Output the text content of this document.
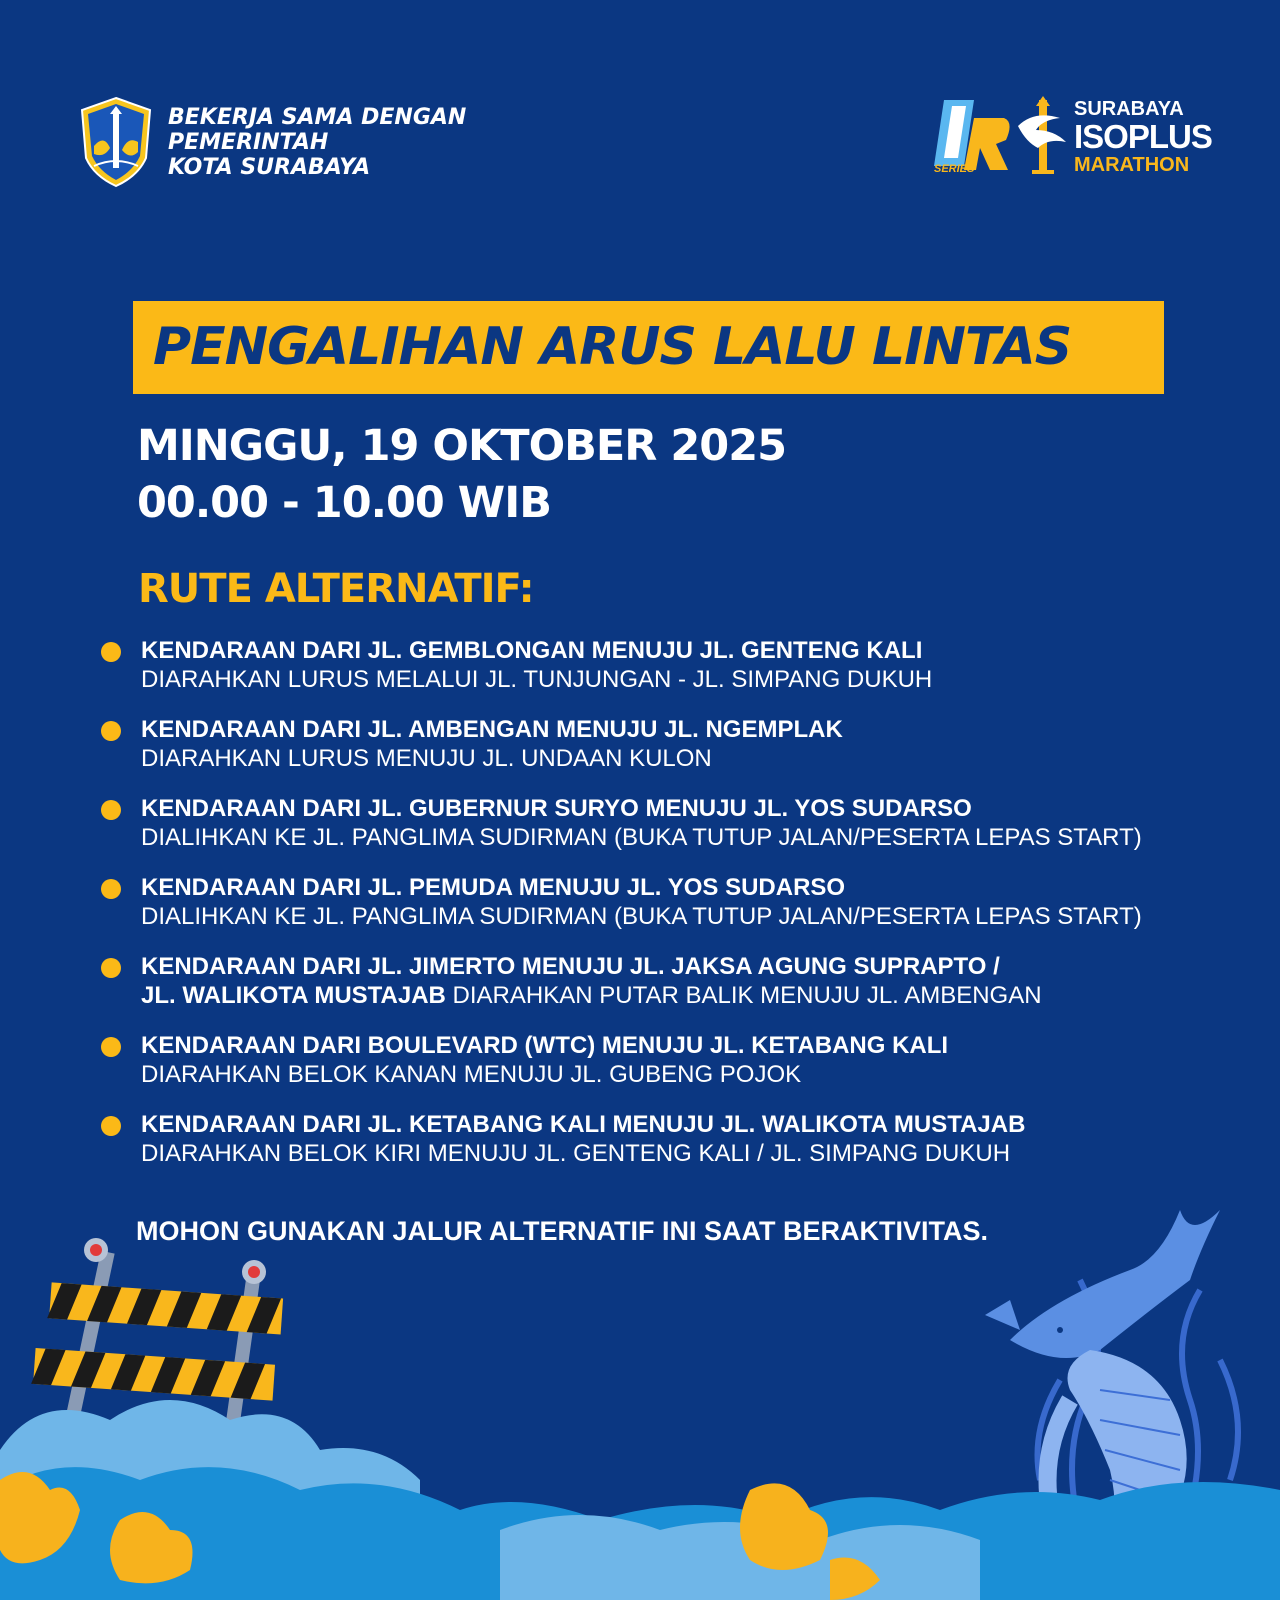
BEKERJA SAMA DENGAN
PEMERINTAH
KOTA SURABAYA	SERIES
SURABAYA
ISOPLUS
MARATHON
PENGALIHAN ARUS LALU LINTAS
MINGGU, 19 OKTOBER 2025
00.00 - 10.00 WIB
RUTE ALTERNATIF:
KENDARAAN DARI JL. GEMBLONGAN MENUJU JL. GENTENG KALI
DIARAHKAN LURUS MELALUI JL. TUNJUNGAN - JL. SIMPANG DUKUH
KENDARAAN DARI JL. AMBENGAN MENUJU JL. NGEMPLAK
DIARAHKAN LURUS MENUJU JL. UNDAAN KULON
KENDARAAN DARI JL. GUBERNUR SURYO MENUJU JL. YOS SUDARSO
DIALIHKAN KE JL. PANGLIMA SUDIRMAN (BUKA TUTUP JALAN/PESERTA LEPAS START)
KENDARAAN DARI JL. PEMUDA MENUJU JL. YOS SUDARSO
DIALIHKAN KE JL. PANGLIMA SUDIRMAN (BUKA TUTUP JALAN/PESERTA LEPAS START)
KENDARAAN DARI JL. JIMERTO MENUJU JL. JAKSA AGUNG SUPRAPTO /
JL. WALIKOTA MUSTAJAB DIARAHKAN PUTAR BALIK MENUJU JL. AMBENGAN
KENDARAAN DARI BOULEVARD (WTC) MENUJU JL. KETABANG KALI
DIARAHKAN BELOK KANAN MENUJU JL. GUBENG POJOK
KENDARAAN DARI JL. KETABANG KALI MENUJU JL. WALIKOTA MUSTAJAB
DIARAHKAN BELOK KIRI MENUJU JL. GENTENG KALI / JL. SIMPANG DUKUH
MOHON GUNAKAN JALUR ALTERNATIF INI SAAT BERAKTIVITAS.
